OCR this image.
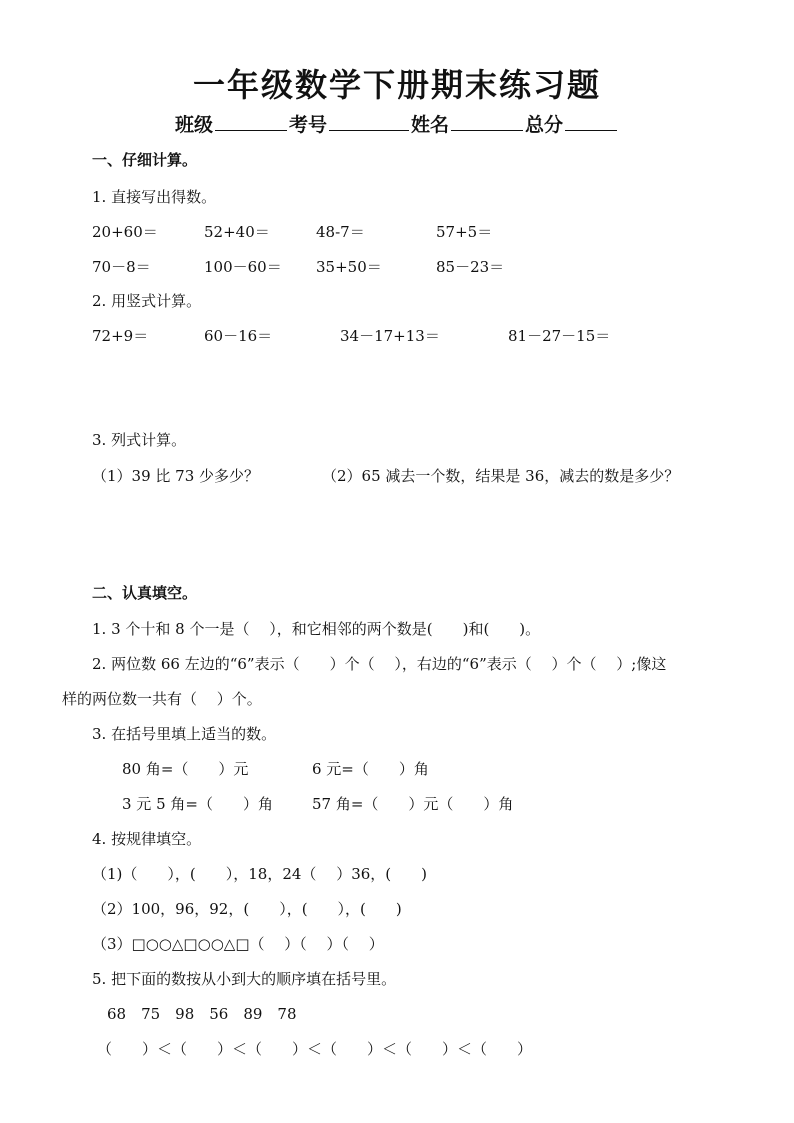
一年级数学下册期末练习题
班级	考号	姓名	总分
一、仔细计算。
1. 直接写出得数。
20+60＝	52+40＝	48-7＝	57+5＝
70－8＝	100－60＝ 35+50＝	85－23＝
2. 用竖式计算。
72+9＝	60－16＝	34－17+13＝	81－27－15＝
3. 列式计算。
（1）39 比 73 少多少？	（2）65 减去一个数，结果是 36，减去的数是多少？
二、认真填空。
1. 3 个十和 8 个一是（　 ），和它相邻的两个数是(　　)和(　　)。
2. 两位数 66 左边的“6”表示（　　）个（　 ），右边的“6”表示（　 ）个（　 ）;像这
样的两位数一共有（　 ）个。
3. 在括号里填上适当的数。
80 角=（　　）元	6 元=（　　）角
3 元 5 角=（　　）角	57 角=（　　）元（　　）角
4. 按规律填空。
（1)（　　），(　　），18，24（　 ）36，(　　)
（2）100，96，92，(　　），(　　），(　　)
（3）□○○△□○○△□（　 ）（　 ）（　 ）
5. 把下面的数按从小到大的顺序填在括号里。
68　75　98　56　89　78
（　　）＜（　　）＜（　　）＜（　　）＜（　　）＜（　　）
